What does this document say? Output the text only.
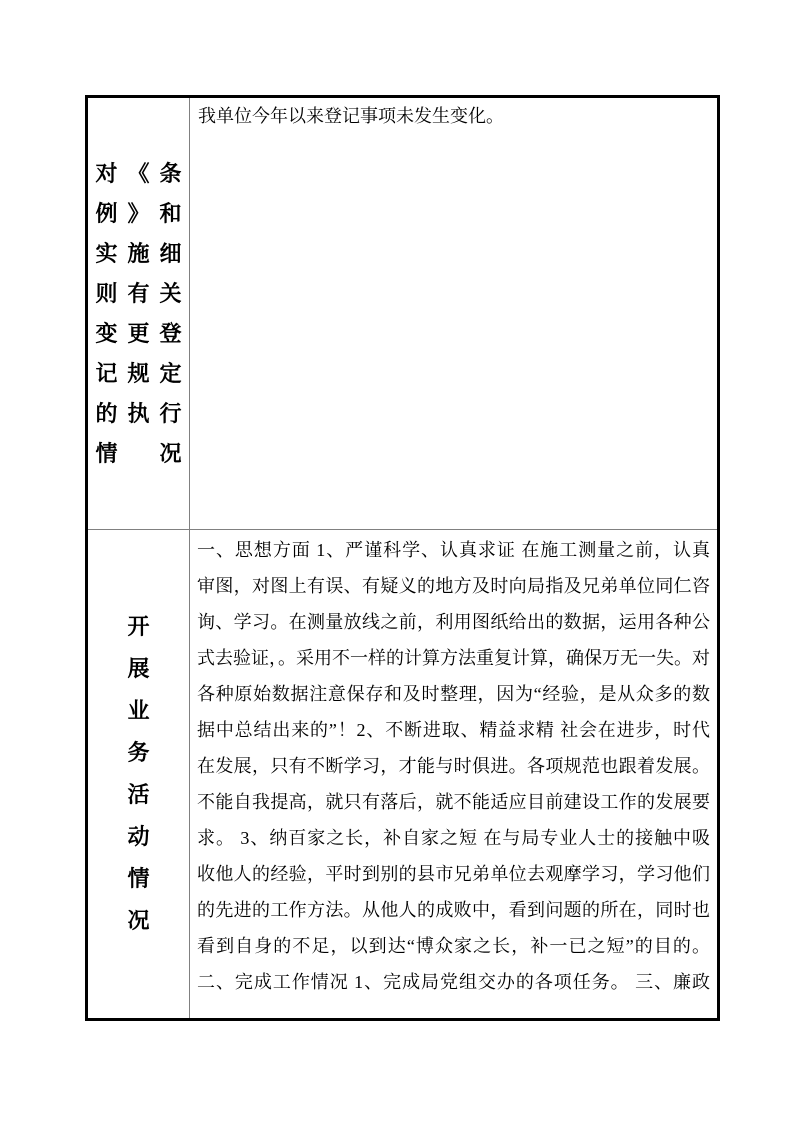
对《条
例》和
实施细
则有关
变更登
记规定
的执行
情况
我单位今年以来登记事项未发生变化。
开
展
业
务
活
动
情
况
一、思想方面 1、严谨科学、认真求证 在施工测量之前，认真
审图，对图上有误、有疑义的地方及时向局指及兄弟单位同仁咨
询、学习。在测量放线之前，利用图纸给出的数据，运用各种公
式去验证，。采用不一样的计算方法重复计算，确保万无一失。对
各种原始数据注意保存和及时整理，因为“经验，是从众多的数
据中总结出来的”！2、不断进取、精益求精 社会在进步，时代
在发展，只有不断学习，才能与时俱进。各项规范也跟着发展。
不能自我提高，就只有落后，就不能适应目前建设工作的发展要
求。 3、纳百家之长，补自家之短 在与局专业人士的接触中吸
收他人的经验，平时到别的县市兄弟单位去观摩学习，学习他们
的先进的工作方法。从他人的成败中，看到问题的所在，同时也
看到自身的不足，以到达“博众家之长，补一已之短”的目的。
二、完成工作情况 1、完成局党组交办的各项任务。 三、廉政
